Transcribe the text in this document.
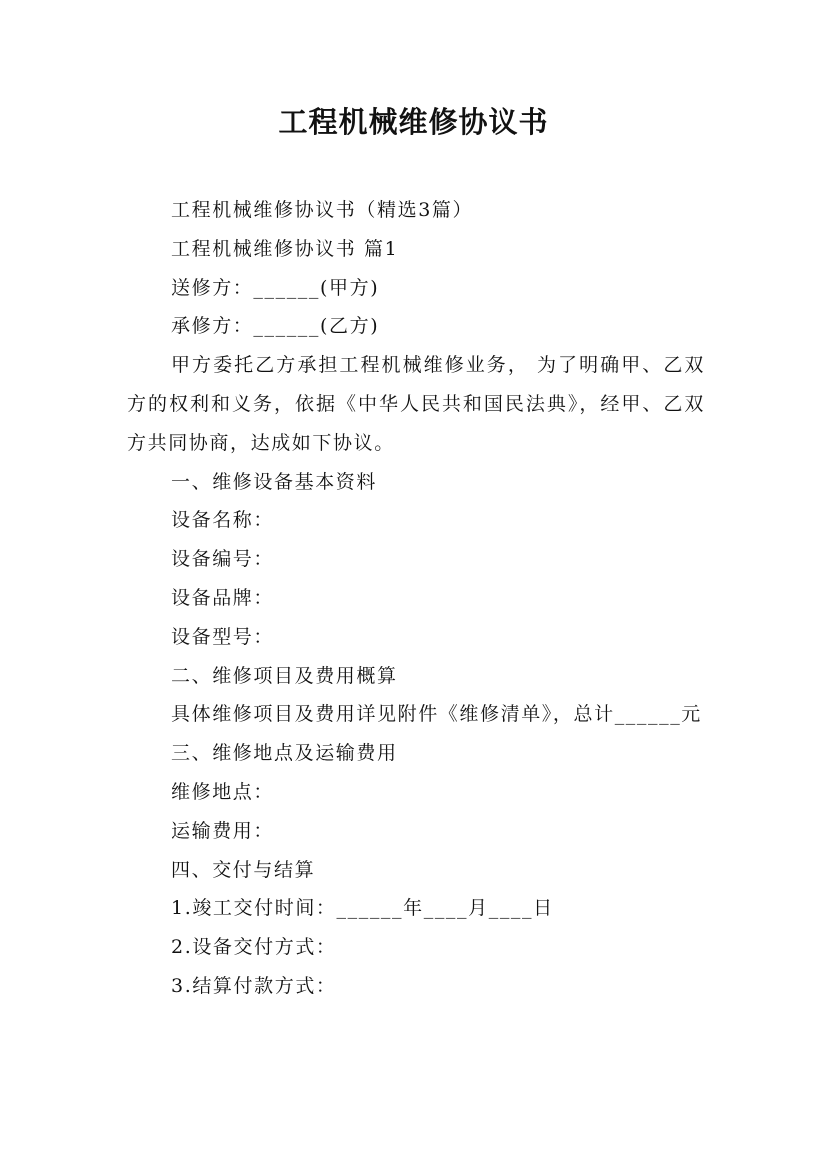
工程机械维修协议书

工程机械维修协议书（精选3篇）

工程机械维修协议书 篇1

送修方：______(甲方)

承修方：______(乙方)

甲方委托乙方承担工程机械维修业务， 为了明确甲、乙双方的权利和义务，依据《中华人民共和国民法典》，经甲、乙双方共同协商，达成如下协议。

一、维修设备基本资料

设备名称：

设备编号：

设备品牌：

设备型号：

二、维修项目及费用概算

具体维修项目及费用详见附件《维修清单》，总计______元

三、维修地点及运输费用

维修地点：

运输费用：

四、交付与结算

1.竣工交付时间：______年____月____日

2.设备交付方式：

3.结算付款方式：
